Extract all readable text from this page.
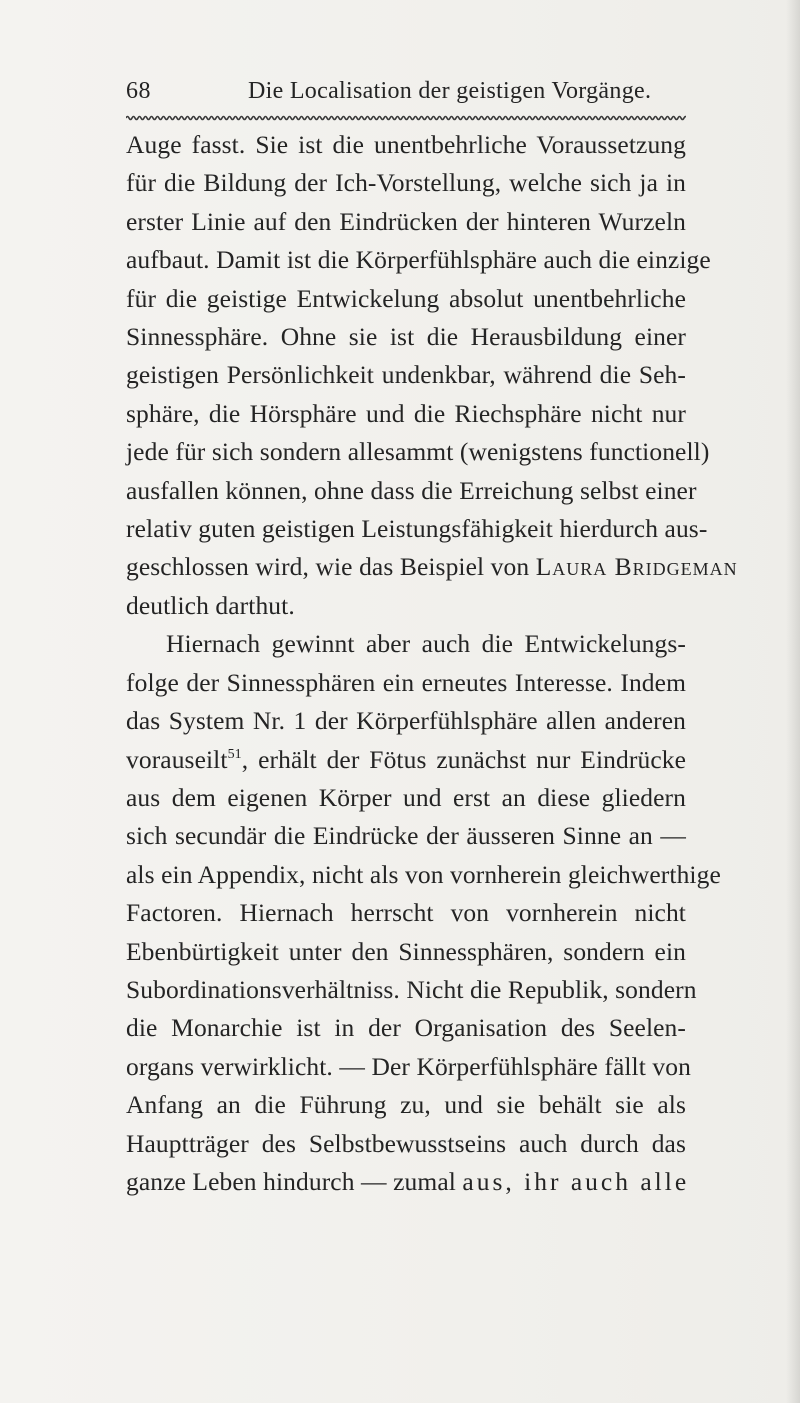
68	Die Localisation der geistigen Vorgänge.
Auge fasst. Sie ist die unentbehrliche Voraussetzung
für die Bildung der Ich-Vorstellung, welche sich ja in
erster Linie auf den Eindrücken der hinteren Wurzeln
aufbaut. Damit ist die Körperfühlsphäre auch die einzige
für die geistige Entwickelung absolut unentbehrliche
Sinnessphäre. Ohne sie ist die Herausbildung einer
geistigen Persönlichkeit undenkbar, während die Seh-
sphäre, die Hörsphäre und die Riechsphäre nicht nur
jede für sich sondern allesammt (wenigstens functionell)
ausfallen können, ohne dass die Erreichung selbst einer
relativ guten geistigen Leistungsfähigkeit hierdurch aus-
geschlossen wird, wie das Beispiel von Laura Bridgeman
deutlich darthut.
Hiernach gewinnt aber auch die Entwickelungs-
folge der Sinnessphären ein erneutes Interesse. Indem
das System Nr. 1 der Körperfühlsphäre allen anderen
vorauseilt$^{51}$, erhält der Fötus zunächst nur Eindrücke
aus dem eigenen Körper und erst an diese gliedern
sich secundär die Eindrücke der äusseren Sinne an —
als ein Appendix, nicht als von vornherein gleichwerthige
Factoren. Hiernach herrscht von vornherein nicht
Ebenbürtigkeit unter den Sinnessphären, sondern ein
Subordinationsverhältniss. Nicht die Republik, sondern
die Monarchie ist in der Organisation des Seelen-
organs verwirklicht. — Der Körperfühlsphäre fällt von
Anfang an die Führung zu, und sie behält sie als
Hauptträger des Selbstbewusstseins auch durch das
ganze Leben hindurch — zumal aus, ihr auch alle
